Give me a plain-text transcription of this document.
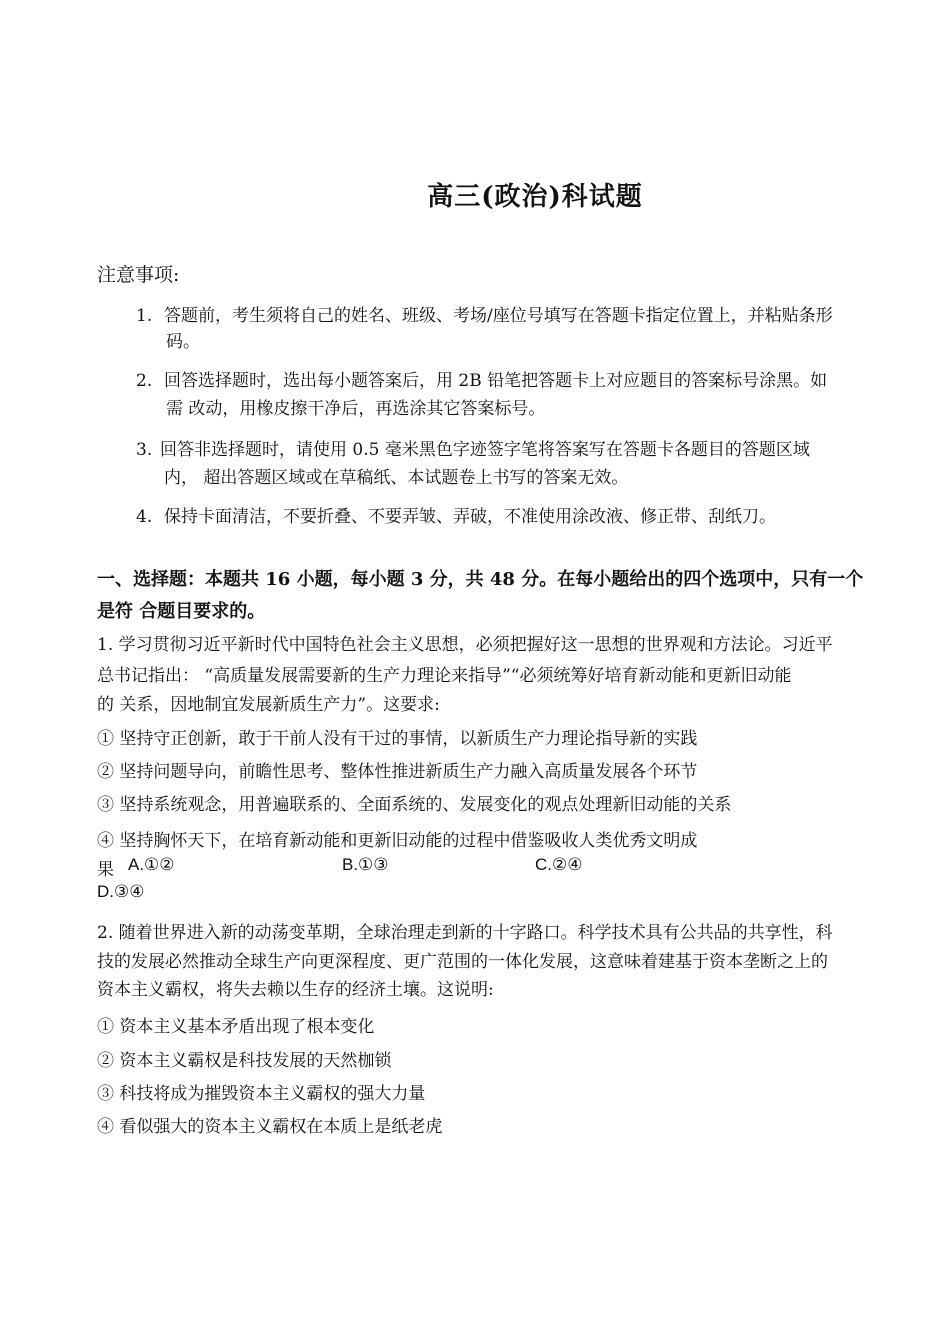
高三(政治)科试题
注意事项:
1. 答题前，考生须将自己的姓名、班级、考场/座位号填写在答题卡指定位置上，并粘贴条形
码。
2. 回答选择题时，选出每小题答案后，用 2B 铅笔把答题卡上对应题目的答案标号涂黑。如
需 改动，用橡皮擦干净后，再选涂其它答案标号。
3. 回答非选择题时，请使用 0.5 毫米黑色字迹签字笔将答案写在答题卡各题目的答题区域
内， 超出答题区域或在草稿纸、本试题卷上书写的答案无效。
4. 保持卡面清洁，不要折叠、不要弄皱、弄破，不准使用涂改液、修正带、刮纸刀。
一、选择题：本题共 16 小题，每小题 3 分，共 48 分。在每小题给出的四个选项中，只有一个
是符 合题目要求的。
1. 学习贯彻习近平新时代中国特色社会主义思想，必须把握好这一思想的世界观和方法论。习近平
总书记指出： “高质量发展需要新的生产力理论来指导”“必须统筹好培育新动能和更新旧动能
的 关系，因地制宜发展新质生产力”。这要求:
① 坚持守正创新，敢于干前人没有干过的事情，以新质生产力理论指导新的实践
② 坚持问题导向，前瞻性思考、整体性推进新质生产力融入高质量发展各个环节
③ 坚持系统观念，用普遍联系的、全面系统的、发展变化的观点处理新旧动能的关系
④ 坚持胸怀天下，在培育新动能和更新旧动能的过程中借鉴吸收人类优秀文明成
果 A.①②	B.①③	C.②④
D.③④
2. 随着世界进入新的动荡变革期，全球治理走到新的十字路口。科学技术具有公共品的共享性，科
技的发展必然推动全球生产向更深程度、更广范围的一体化发展，这意味着建基于资本垄断之上的
资本主义霸权，将失去赖以生存的经济土壤。这说明:
① 资本主义基本矛盾出现了根本变化
② 资本主义霸权是科技发展的天然枷锁
③ 科技将成为摧毁资本主义霸权的强大力量
④ 看似强大的资本主义霸权在本质上是纸老虎
